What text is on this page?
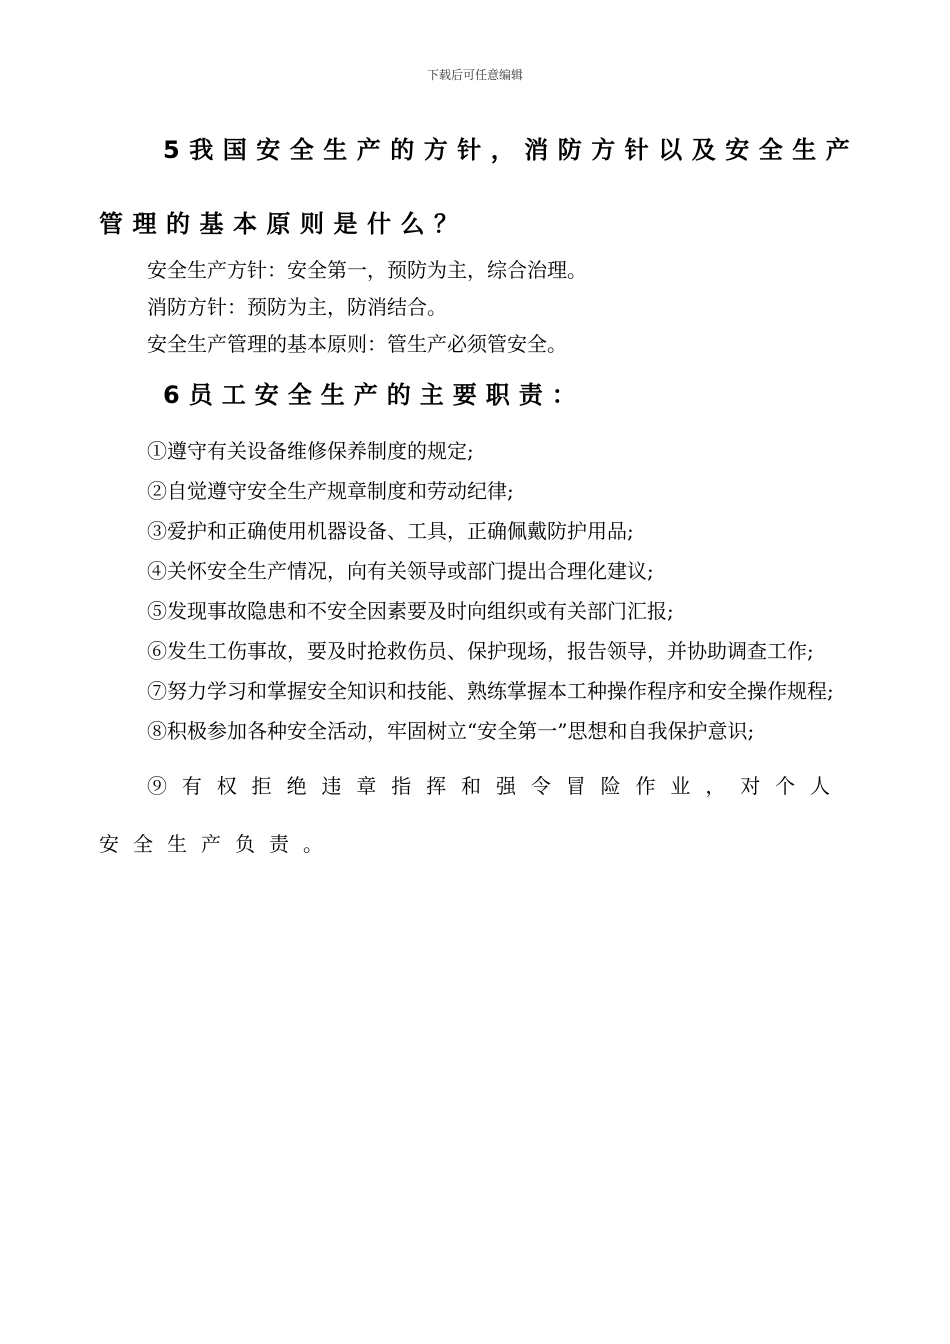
下载后可任意编辑
5我国安全生产的方针，消防方针以及安全生产
管理的基本原则是什么？
安全生产方针：安全第一，预防为主，综合治理。
消防方针：预防为主，防消结合。
安全生产管理的基本原则：管生产必须管安全。
6员工安全生产的主要职责：

①遵守有关设备维修保养制度的规定;

②自觉遵守安全生产规章制度和劳动纪律;

③爱护和正确使用机器设备、工具，正确佩戴防护用品;

④关怀安全生产情况，向有关领导或部门提出合理化建议;

⑤发现事故隐患和不安全因素要及时向组织或有关部门汇报;

⑥发生工伤事故，要及时抢救伤员、保护现场，报告领导，并协助调查工作;

⑦努力学习和掌握安全知识和技能、熟练掌握本工种操作程序和安全操作规程;

⑧积极参加各种安全活动，牢固树立“安全第一”思想和自我保护意识;

⑨有权拒绝违章指挥和强令冒险作业，对个人安全生产负责。
